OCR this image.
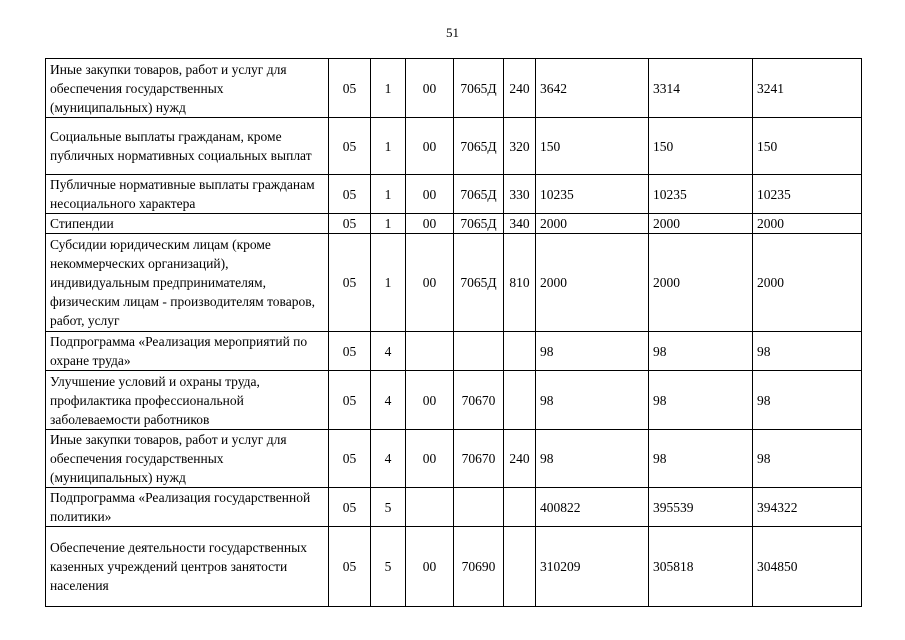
51
Иные закупки товаров, работ и услуг для обеспечения государственных (муниципальных) нужд	05	1	00	7065Д	240	3642	3314	3241
Социальные выплаты гражданам, кроме публичных нормативных социальных выплат	05	1	00	7065Д	320	150	150	150
Публичные нормативные выплаты гражданам несоциального характера	05	1	00	7065Д	330	10235	10235	10235
Стипендии	05	1	00	7065Д	340	2000	2000	2000
Субсидии юридическим лицам (кроме некоммерческих организаций), индивидуальным предпринимателям, физическим лицам - производителям товаров, работ, услуг	05	1	00	7065Д	810	2000	2000	2000
Подпрограмма «Реализация мероприятий по охране труда»	05	4				98	98	98
Улучшение условий и охраны труда, профилактика профессиональной заболеваемости работников	05	4	00	70670		98	98	98
Иные закупки товаров, работ и услуг для обеспечения государственных (муниципальных) нужд	05	4	00	70670	240	98	98	98
Подпрограмма «Реализация государственной политики»	05	5				400822	395539	394322
Обеспечение деятельности государственных казенных учреждений центров занятости населения	05	5	00	70690		310209	305818	304850
